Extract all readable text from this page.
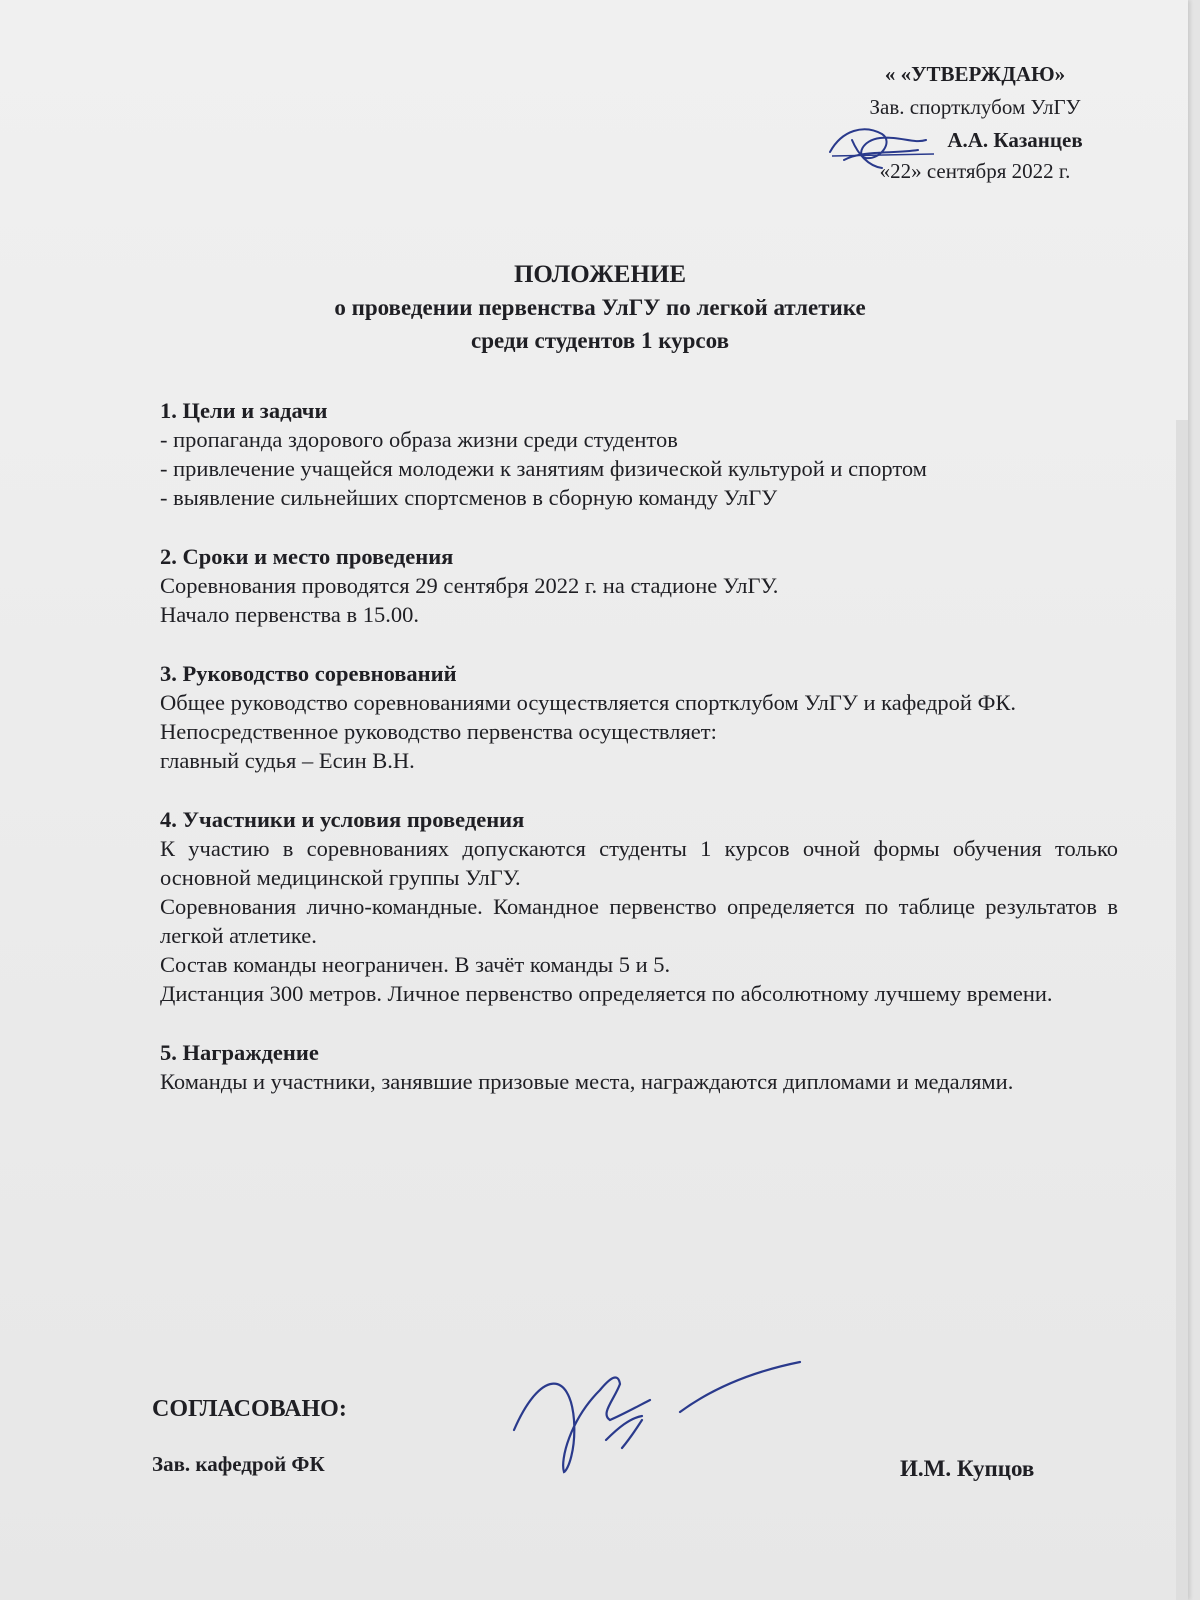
« «УТВЕРЖДАЮ»
Зав. спортклубом УлГУ
А.А. Казанцев
«22» сентября 2022 г.
ПОЛОЖЕНИЕ
о проведении первенства УлГУ по легкой атлетике
среди студентов 1 курсов
1. Цели и задачи
- пропаганда здорового образа жизни среди студентов
- привлечение учащейся молодежи к занятиям физической культурой и спортом
- выявление сильнейших спортсменов в сборную команду УлГУ
2. Сроки и место проведения
Соревнования проводятся 29 сентября 2022 г. на стадионе УлГУ.
Начало первенства в 15.00.
3. Руководство соревнований
Общее руководство соревнованиями осуществляется спортклубом УлГУ и кафедрой ФК.
Непосредственное руководство первенства осуществляет:
главный судья – Есин В.Н.
4. Участники и условия проведения
К участию в соревнованиях допускаются студенты 1 курсов очной формы обучения только основной медицинской группы УлГУ.
Соревнования лично-командные. Командное первенство определяется по таблице результатов в легкой атлетике.
Состав команды неограничен. В зачёт команды 5 и 5.
Дистанция 300 метров. Личное первенство определяется по абсолютному лучшему времени.
5. Награждение
Команды и участники, занявшие призовые места, награждаются дипломами и медалями.
СОГЛАСОВАНО:
Зав. кафедрой ФК	И.М. Купцов
